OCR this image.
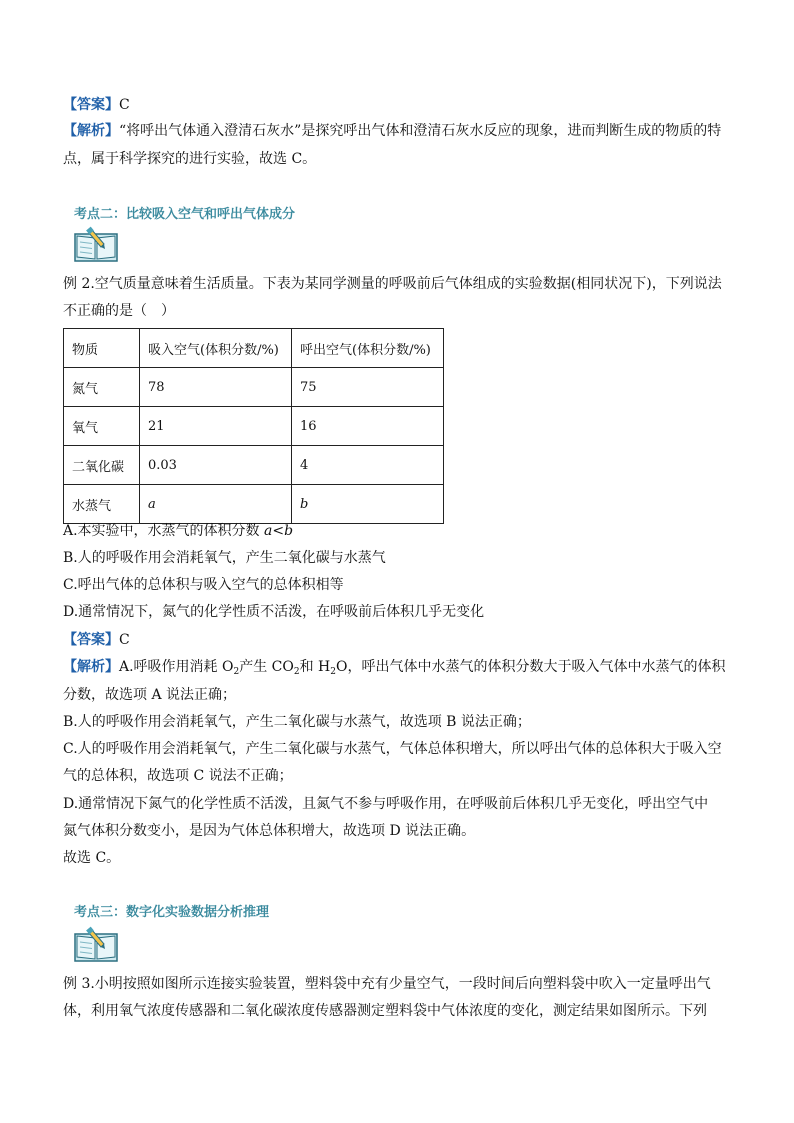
【答案】C
【解析】“将呼出气体通入澄清石灰水”是探究呼出气体和澄清石灰水反应的现象，进而判断生成的物质的特
点，属于科学探究的进行实验，故选 C。
考点二：比较吸入空气和呼出气体成分
例 2.空气质量意味着生活质量。下表为某同学测量的呼吸前后气体组成的实验数据(相同状况下)，下列说法
不正确的是（　）
物质	吸入空气(体积分数/%)	呼出空气(体积分数/%)
氮气	78	75
氧气	21	16
二氧化碳	0.03	4
水蒸气	a	b
A.本实验中，水蒸气的体积分数 a<b
B.人的呼吸作用会消耗氧气，产生二氧化碳与水蒸气
C.呼出气体的总体积与吸入空气的总体积相等
D.通常情况下，氮气的化学性质不活泼，在呼吸前后体积几乎无变化
【答案】C
【解析】A.呼吸作用消耗 $O_2$产生 $CO_2$和 $H_2O$，呼出气体中水蒸气的体积分数大于吸入气体中水蒸气的体积
分数，故选项 A 说法正确；
B.人的呼吸作用会消耗氧气，产生二氧化碳与水蒸气，故选项 B 说法正确；
C.人的呼吸作用会消耗氧气，产生二氧化碳与水蒸气，气体总体积增大，所以呼出气体的总体积大于吸入空
气的总体积，故选项 C 说法不正确；
D.通常情况下氮气的化学性质不活泼，且氮气不参与呼吸作用，在呼吸前后体积几乎无变化，呼出空气中
氮气体积分数变小，是因为气体总体积增大，故选项 D 说法正确。
故选 C。
考点三：数字化实验数据分析推理
例 3.小明按照如图所示连接实验装置，塑料袋中充有少量空气，一段时间后向塑料袋中吹入一定量呼出气
体，利用氧气浓度传感器和二氧化碳浓度传感器测定塑料袋中气体浓度的变化，测定结果如图所示。下列
